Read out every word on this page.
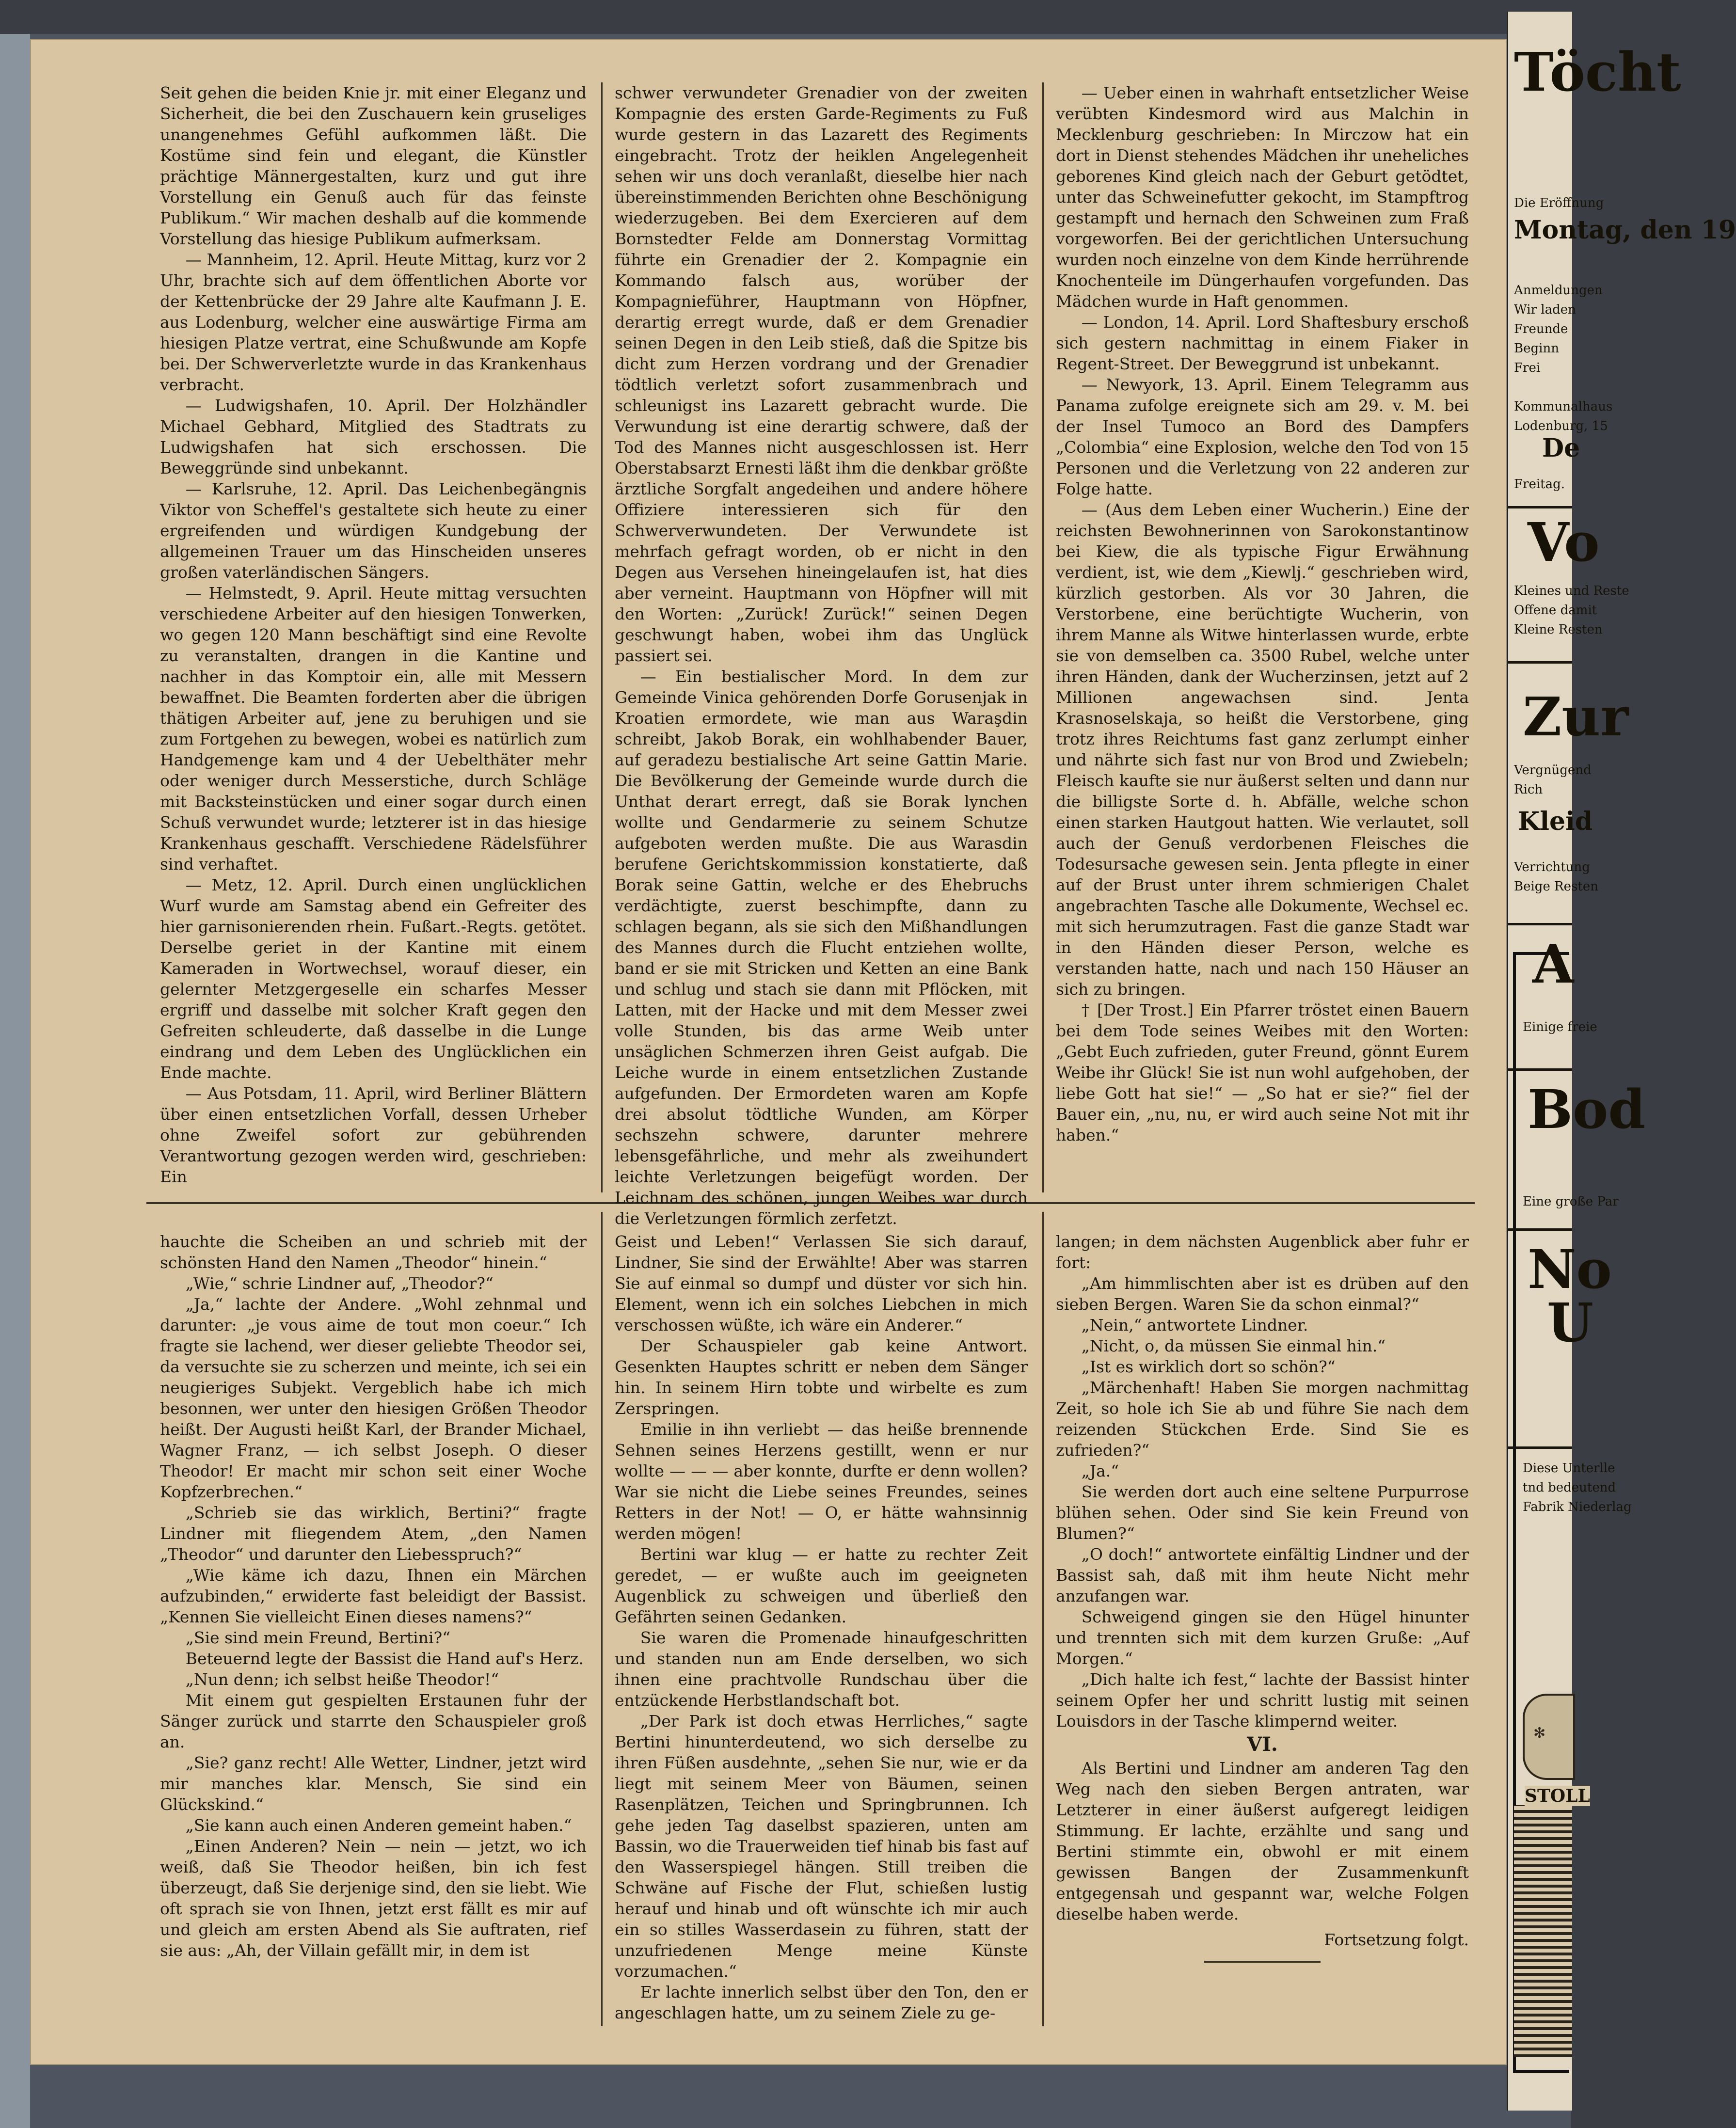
Seit gehen die beiden Knie jr. mit einer Eleganz und Sicherheit, die bei den Zuschauern kein gruseliges unangenehmes Gefühl aufkommen läßt. Die Kostüme sind fein und elegant, die Künstler prächtige Männergestalten, kurz und gut ihre Vorstellung ein Genuß auch für das feinste Publikum.“ Wir machen deshalb auf die kommende Vorstellung das hiesige Publikum aufmerksam.

— Mannheim, 12. April. Heute Mittag, kurz vor 2 Uhr, brachte sich auf dem öffentlichen Aborte vor der Kettenbrücke der 29 Jahre alte Kaufmann J. E. aus Lodenburg, welcher eine auswärtige Firma am hiesigen Platze vertrat, eine Schußwunde am Kopfe bei. Der Schwerverletzte wurde in das Krankenhaus verbracht.

— Ludwigshafen, 10. April. Der Holzhändler Michael Gebhard, Mitglied des Stadtrats zu Ludwigshafen hat sich erschossen. Die Beweggründe sind unbekannt.

— Karlsruhe, 12. April. Das Leichenbegängnis Viktor von Scheffel's gestaltete sich heute zu einer ergreifenden und würdigen Kundgebung der allgemeinen Trauer um das Hinscheiden unseres großen vaterländischen Sängers.

— Helmstedt, 9. April. Heute mittag versuchten verschiedene Arbeiter auf den hiesigen Tonwerken, wo gegen 120 Mann beschäftigt sind eine Revolte zu veranstalten, drangen in die Kantine und nachher in das Komptoir ein, alle mit Messern bewaffnet. Die Beamten forderten aber die übrigen thätigen Arbeiter auf, jene zu beruhigen und sie zum Fortgehen zu bewegen, wobei es natürlich zum Handgemenge kam und 4 der Uebelthäter mehr oder weniger durch Messerstiche, durch Schläge mit Backsteinstücken und einer sogar durch einen Schuß verwundet wurde; letzterer ist in das hiesige Krankenhaus geschafft. Verschiedene Rädelsführer sind verhaftet.

— Metz, 12. April. Durch einen unglücklichen Wurf wurde am Samstag abend ein Gefreiter des hier garnisonierenden rhein. Fußart.-Regts. getötet. Derselbe geriet in der Kantine mit einem Kameraden in Wortwechsel, worauf dieser, ein gelernter Metzgergeselle ein scharfes Messer ergriff und dasselbe mit solcher Kraft gegen den Gefreiten schleuderte, daß dasselbe in die Lunge eindrang und dem Leben des Unglücklichen ein Ende machte.

— Aus Potsdam, 11. April, wird Berliner Blättern über einen entsetzlichen Vorfall, dessen Urheber ohne Zweifel sofort zur gebührenden Verantwortung gezogen werden wird, geschrieben: Ein

schwer verwundeter Grenadier von der zweiten Kompagnie des ersten Garde-Regiments zu Fuß wurde gestern in das Lazarett des Regiments eingebracht. Trotz der heiklen Angelegenheit sehen wir uns doch veranlaßt, dieselbe hier nach übereinstimmenden Berichten ohne Beschönigung wiederzugeben. Bei dem Exercieren auf dem Bornstedter Felde am Donnerstag Vormittag führte ein Grenadier der 2. Kompagnie ein Kommando falsch aus, worüber der Kompagnieführer, Hauptmann von Höpfner, derartig erregt wurde, daß er dem Grenadier seinen Degen in den Leib stieß, daß die Spitze bis dicht zum Herzen vordrang und der Grenadier tödtlich verletzt sofort zusammenbrach und schleunigst ins Lazarett gebracht wurde. Die Verwundung ist eine derartig schwere, daß der Tod des Mannes nicht ausgeschlossen ist. Herr Oberstabsarzt Ernesti läßt ihm die denkbar größte ärztliche Sorgfalt angedeihen und andere höhere Offiziere interessieren sich für den Schwerverwundeten. Der Verwundete ist mehrfach gefragt worden, ob er nicht in den Degen aus Versehen hineingelaufen ist, hat dies aber verneint. Hauptmann von Höpfner will mit den Worten: „Zurück! Zurück!“ seinen Degen geschwungt haben, wobei ihm das Unglück passiert sei.

— Ein bestialischer Mord. In dem zur Gemeinde Vinica gehörenden Dorfe Gorusenjak in Kroatien ermordete, wie man aus Waraşdin schreibt, Jakob Borak, ein wohlhabender Bauer, auf geradezu bestialische Art seine Gattin Marie. Die Bevölkerung der Gemeinde wurde durch die Unthat derart erregt, daß sie Borak lynchen wollte und Gendarmerie zu seinem Schutze aufgeboten werden mußte. Die aus Warasdin berufene Gerichtskommission konstatierte, daß Borak seine Gattin, welche er des Ehebruchs verdächtigte, zuerst beschimpfte, dann zu schlagen begann, als sie sich den Mißhandlungen des Mannes durch die Flucht entziehen wollte, band er sie mit Stricken und Ketten an eine Bank und schlug und stach sie dann mit Pflöcken, mit Latten, mit der Hacke und mit dem Messer zwei volle Stunden, bis das arme Weib unter unsäglichen Schmerzen ihren Geist aufgab. Die Leiche wurde in einem entsetzlichen Zustande aufgefunden. Der Ermordeten waren am Kopfe drei absolut tödtliche Wunden, am Körper sechszehn schwere, darunter mehrere lebensgefährliche, und mehr als zweihundert leichte Verletzungen beigefügt worden. Der Leichnam des schönen, jungen Weibes war durch die Verletzungen förmlich zerfetzt.

— Ueber einen in wahrhaft entsetzlicher Weise verübten Kindesmord wird aus Malchin in Mecklenburg geschrieben: In Mirczow hat ein dort in Dienst stehendes Mädchen ihr uneheliches geborenes Kind gleich nach der Geburt getödtet, unter das Schweinefutter gekocht, im Stampftrog gestampft und hernach den Schweinen zum Fraß vorgeworfen. Bei der gerichtlichen Untersuchung wurden noch einzelne von dem Kinde herrührende Knochenteile im Düngerhaufen vorgefunden. Das Mädchen wurde in Haft genommen.

— London, 14. April. Lord Shaftesbury erschoß sich gestern nachmittag in einem Fiaker in Regent-Street. Der Beweggrund ist unbekannt.

— Newyork, 13. April. Einem Telegramm aus Panama zufolge ereignete sich am 29. v. M. bei der Insel Tumoco an Bord des Dampfers „Colombia“ eine Explosion, welche den Tod von 15 Personen und die Verletzung von 22 anderen zur Folge hatte.

— (Aus dem Leben einer Wucherin.) Eine der reichsten Bewohnerinnen von Sarokonstantinow bei Kiew, die als typische Figur Erwähnung verdient, ist, wie dem „Kiewlj.“ geschrieben wird, kürzlich gestorben. Als vor 30 Jahren, die Verstorbene, eine berüchtigte Wucherin, von ihrem Manne als Witwe hinterlassen wurde, erbte sie von demselben ca. 3500 Rubel, welche unter ihren Händen, dank der Wucherzinsen, jetzt auf 2 Millionen angewachsen sind. Jenta Krasnoselskaja, so heißt die Verstorbene, ging trotz ihres Reichtums fast ganz zerlumpt einher und nährte sich fast nur von Brod und Zwiebeln; Fleisch kaufte sie nur äußerst selten und dann nur die billigste Sorte d. h. Abfälle, welche schon einen starken Hautgout hatten. Wie verlautet, soll auch der Genuß verdorbenen Fleisches die Todesursache gewesen sein. Jenta pflegte in einer auf der Brust unter ihrem schmierigen Chalet angebrachten Tasche alle Dokumente, Wechsel ec. mit sich herumzutragen. Fast die ganze Stadt war in den Händen dieser Person, welche es verstanden hatte, nach und nach 150 Häuser an sich zu bringen.

† [Der Trost.] Ein Pfarrer tröstet einen Bauern bei dem Tode seines Weibes mit den Worten: „Gebt Euch zufrieden, guter Freund, gönnt Eurem Weibe ihr Glück! Sie ist nun wohl aufgehoben, der liebe Gott hat sie!“ — „So hat er sie?“ fiel der Bauer ein, „nu, nu, er wird auch seine Not mit ihr haben.“

hauchte die Scheiben an und schrieb mit der schönsten Hand den Namen „Theodor“ hinein.“

„Wie,“ schrie Lindner auf, „Theodor?“

„Ja,“ lachte der Andere. „Wohl zehnmal und darunter: „je vous aime de tout mon coeur.“ Ich fragte sie lachend, wer dieser geliebte Theodor sei, da versuchte sie zu scherzen und meinte, ich sei ein neugieriges Subjekt. Vergeblich habe ich mich besonnen, wer unter den hiesigen Größen Theodor heißt. Der Augusti heißt Karl, der Brander Michael, Wagner Franz, — ich selbst Joseph. O dieser Theodor! Er macht mir schon seit einer Woche Kopfzerbrechen.“

„Schrieb sie das wirklich, Bertini?“ fragte Lindner mit fliegendem Atem, „den Namen „Theodor“ und darunter den Liebesspruch?“

„Wie käme ich dazu, Ihnen ein Märchen aufzubinden,“ erwiderte fast beleidigt der Bassist. „Kennen Sie vielleicht Einen dieses namens?“

„Sie sind mein Freund, Bertini?“

Beteuernd legte der Bassist die Hand auf's Herz.

„Nun denn; ich selbst heiße Theodor!“

Mit einem gut gespielten Erstaunen fuhr der Sänger zurück und starrte den Schauspieler groß an.

„Sie? ganz recht! Alle Wetter, Lindner, jetzt wird mir manches klar. Mensch, Sie sind ein Glückskind.“

„Sie kann auch einen Anderen gemeint haben.“

„Einen Anderen? Nein — nein — jetzt, wo ich weiß, daß Sie Theodor heißen, bin ich fest überzeugt, daß Sie derjenige sind, den sie liebt. Wie oft sprach sie von Ihnen, jetzt erst fällt es mir auf und gleich am ersten Abend als Sie auftraten, rief sie aus: „Ah, der Villain gefällt mir, in dem ist

Geist und Leben!“ Verlassen Sie sich darauf, Lindner, Sie sind der Erwählte! Aber was starren Sie auf einmal so dumpf und düster vor sich hin. Element, wenn ich ein solches Liebchen in mich verschossen wüßte, ich wäre ein Anderer.“

Der Schauspieler gab keine Antwort. Gesenkten Hauptes schritt er neben dem Sänger hin. In seinem Hirn tobte und wirbelte es zum Zerspringen.

Emilie in ihn verliebt — das heiße brennende Sehnen seines Herzens gestillt, wenn er nur wollte — — — aber konnte, durfte er denn wollen? War sie nicht die Liebe seines Freundes, seines Retters in der Not! — O, er hätte wahnsinnig werden mögen!

Bertini war klug — er hatte zu rechter Zeit geredet, — er wußte auch im geeigneten Augenblick zu schweigen und überließ den Gefährten seinen Gedanken.

Sie waren die Promenade hinaufgeschritten und standen nun am Ende derselben, wo sich ihnen eine prachtvolle Rundschau über die entzückende Herbstlandschaft bot.

„Der Park ist doch etwas Herrliches,“ sagte Bertini hinunterdeutend, wo sich derselbe zu ihren Füßen ausdehnte, „sehen Sie nur, wie er da liegt mit seinem Meer von Bäumen, seinen Rasenplätzen, Teichen und Springbrunnen. Ich gehe jeden Tag daselbst spazieren, unten am Bassin, wo die Trauerweiden tief hinab bis fast auf den Wasserspiegel hängen. Still treiben die Schwäne auf Fische der Flut, schießen lustig herauf und hinab und oft wünschte ich mir auch ein so stilles Wasserdasein zu führen, statt der unzufriedenen Menge meine Künste vorzumachen.“

Er lachte innerlich selbst über den Ton, den er angeschlagen hatte, um zu seinem Ziele zu ge-

langen; in dem nächsten Augenblick aber fuhr er fort:

„Am himmlischten aber ist es drüben auf den sieben Bergen. Waren Sie da schon einmal?“

„Nein,“ antwortete Lindner.

„Nicht, o, da müssen Sie einmal hin.“

„Ist es wirklich dort so schön?“

„Märchenhaft! Haben Sie morgen nachmittag Zeit, so hole ich Sie ab und führe Sie nach dem reizenden Stückchen Erde. Sind Sie es zufrieden?“

„Ja.“

Sie werden dort auch eine seltene Purpurrose blühen sehen. Oder sind Sie kein Freund von Blumen?“

„O doch!“ antwortete einfältig Lindner und der Bassist sah, daß mit ihm heute Nicht mehr anzufangen war.

Schweigend gingen sie den Hügel hinunter und trennten sich mit dem kurzen Gruße: „Auf Morgen.“

„Dich halte ich fest,“ lachte der Bassist hinter seinem Opfer her und schritt lustig mit seinen Louisdors in der Tasche klimpernd weiter.

VI.

Als Bertini und Lindner am anderen Tag den Weg nach den sieben Bergen antraten, war Letzterer in einer äußerst aufgeregt leidigen Stimmung. Er lachte, erzählte und sang und Bertini stimmte ein, obwohl er mit einem gewissen Bangen der Zusammenkunft entgegensah und gespannt war, welche Folgen dieselbe haben werde.

Fortsetzung folgt.

Töcht
Die Eröffnung
Montag, den 19
Anmeldungen
Wir laden
Freunde
Beginn
Frei
Kommunalhaus
Lodenburg, 15
De
Freitag.
Vo
Kleines und Reste
Offene damit
Kleine Resten
Zur
Vergnügend
Rich
Kleid
Verrichtung
Beige Resten
A
Einige freie
Bod
Eine große Par
No
U
Diese Unterlle
tnd bedeutend
Fabrik Niederlag
✻
STOLL
